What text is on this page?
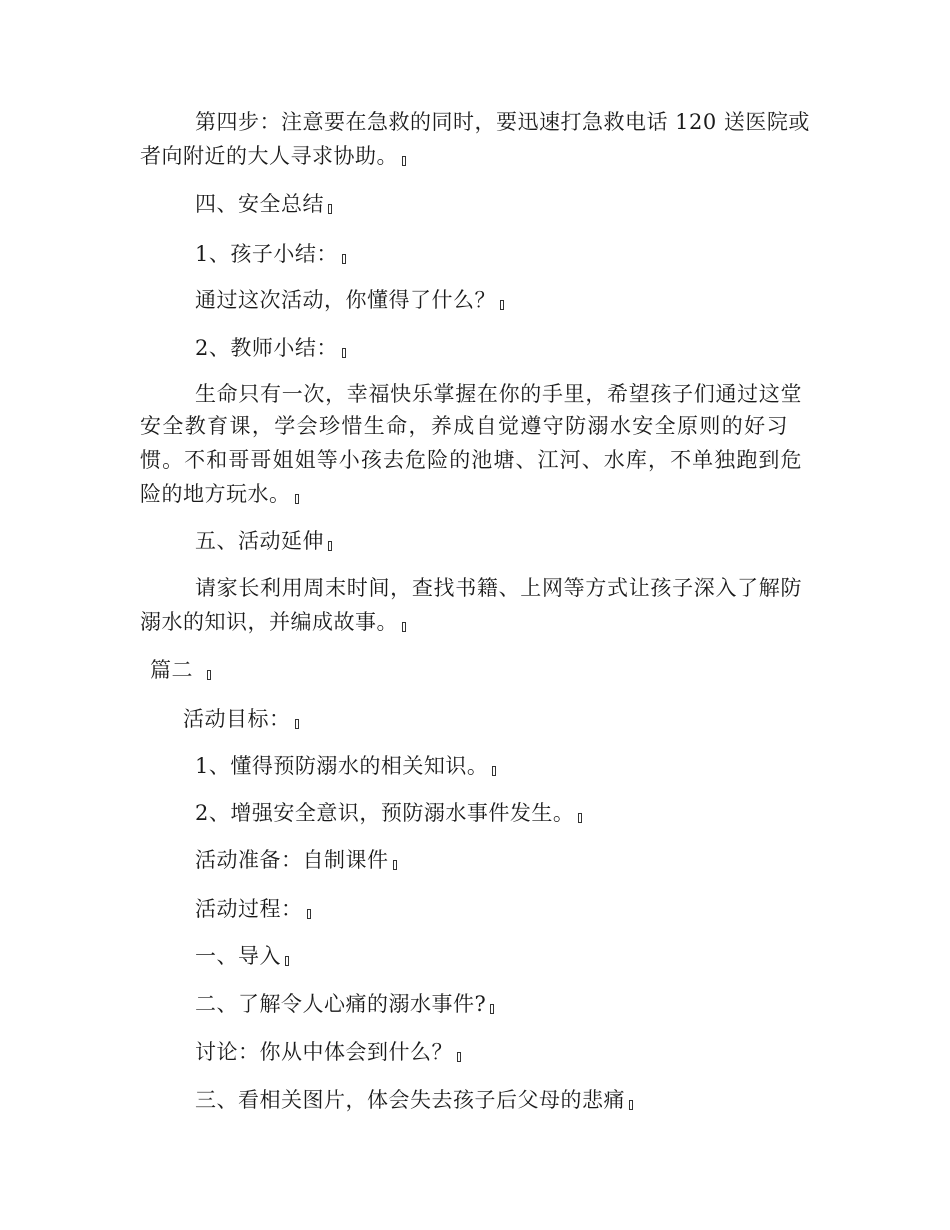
第四步：注意要在急救的同时，要迅速打急救电话 120 送医院或
者向附近的大人寻求协助。
四、安全总结
1、孩子小结：
通过这次活动，你懂得了什么？
2、教师小结：
生命只有一次，幸福快乐掌握在你的手里，希望孩子们通过这堂
安全教育课，学会珍惜生命，养成自觉遵守防溺水安全原则的好习
惯。不和哥哥姐姐等小孩去危险的池塘、江河、水库，不单独跑到危
险的地方玩水。
五、活动延伸
请家长利用周末时间，查找书籍、上网等方式让孩子深入了解防
溺水的知识，并编成故事。
篇二
活动目标：
1、懂得预防溺水的相关知识。
2、增强安全意识，预防溺水事件发生。
活动准备：自制课件
活动过程：
一、导入
二、了解令人心痛的溺水事件?
讨论：你从中体会到什么？
三、看相关图片，体会失去孩子后父母的悲痛
